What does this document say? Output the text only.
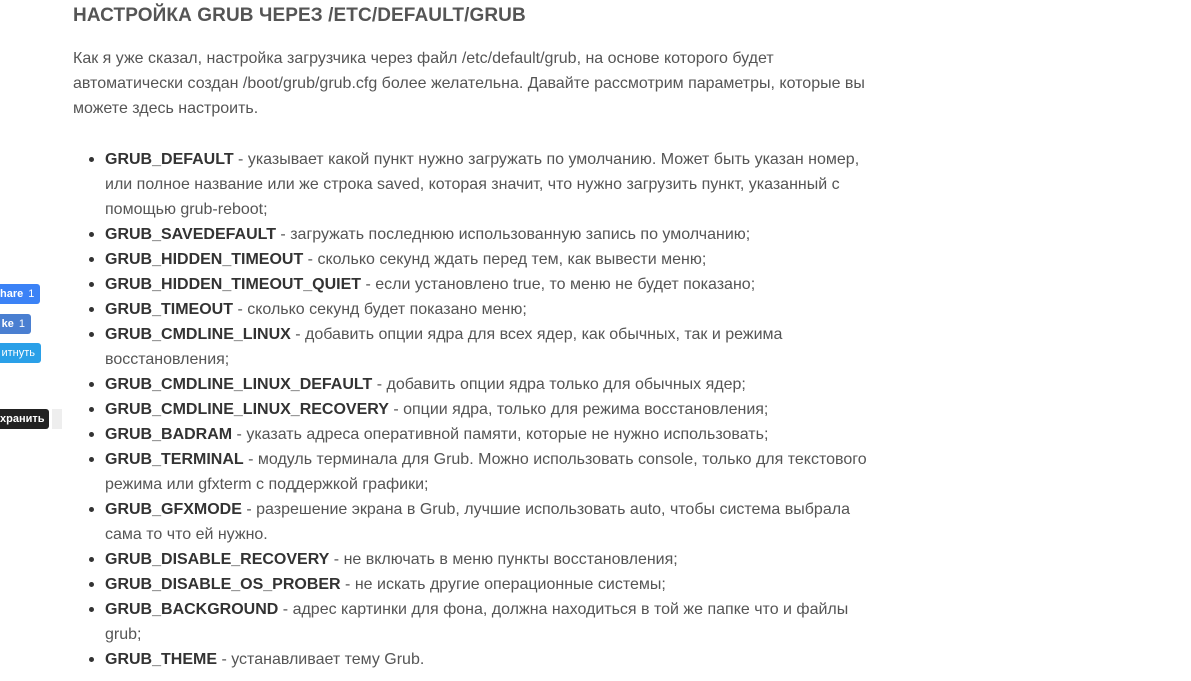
hare 1
ke 1
итнуть
хранить
НАСТРОЙКА GRUB ЧЕРЕЗ /ETC/DEFAULT/GRUB

Как я уже сказал, настройка загрузчика через файл /etc/default/grub, на основе которого будет автоматически создан /boot/grub/grub.cfg более желательна. Давайте рассмотрим параметры, которые вы можете здесь настроить.

GRUB_DEFAULT - указывает какой пункт нужно загружать по умолчанию. Может быть указан номер, или полное название или же строка saved, которая значит, что нужно загрузить пункт, указанный с помощью grub-reboot;
GRUB_SAVEDEFAULT - загружать последнюю использованную запись по умолчанию;
GRUB_HIDDEN_TIMEOUT - сколько секунд ждать перед тем, как вывести меню;
GRUB_HIDDEN_TIMEOUT_QUIET - если установлено true, то меню не будет показано;
GRUB_TIMEOUT - сколько секунд будет показано меню;
GRUB_CMDLINE_LINUX - добавить опции ядра для всех ядер, как обычных, так и режима восстановления;
GRUB_CMDLINE_LINUX_DEFAULT - добавить опции ядра только для обычных ядер;
GRUB_CMDLINE_LINUX_RECOVERY - опции ядра, только для режима восстановления;
GRUB_BADRAM - указать адреса оперативной памяти, которые не нужно использовать;
GRUB_TERMINAL - модуль терминала для Grub. Можно использовать console, только для текстового режима или gfxterm с поддержкой графики;
GRUB_GFXMODE - разрешение экрана в Grub, лучшие использовать auto, чтобы система выбрала сама то что ей нужно.
GRUB_DISABLE_RECOVERY - не включать в меню пункты восстановления;
GRUB_DISABLE_OS_PROBER - не искать другие операционные системы;
GRUB_BACKGROUND - адрес картинки для фона, должна находиться в той же папке что и файлы grub;
GRUB_THEME - устанавливает тему Grub.
